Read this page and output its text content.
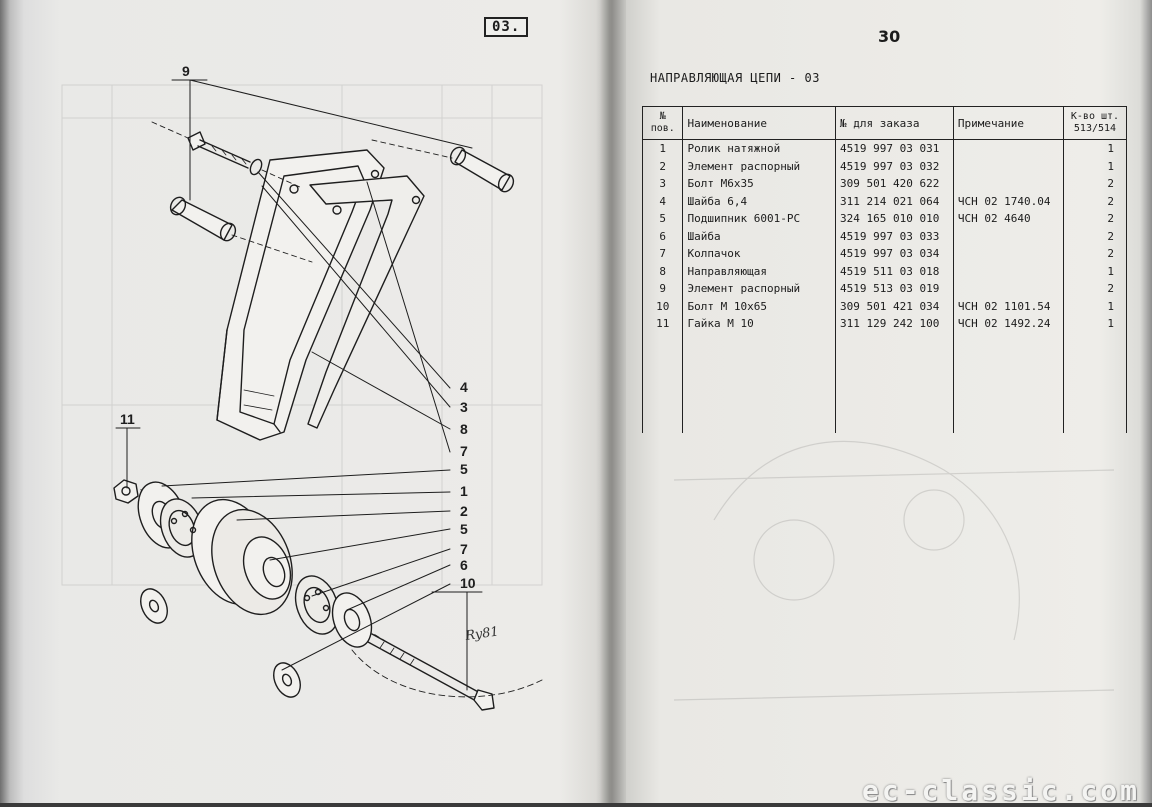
03.
9
4
3
8
7
5
1
2
5
7
6
10
11
Ry81
30
НАПРАВЛЯЮЩАЯ ЦЕПИ - 03
№ пов.	Наименование	№ для заказа	Примечание	К-во шт. 513/514
1	Ролик натяжной	4519 997 03 031		1
2	Элемент распорный	4519 997 03 032		1
3	Болт М6x35	309 501 420 622		2
4	Шайба 6,4	311 214 021 064	ЧСН 02 1740.04	2
5	Подшипник 6001-РС	324 165 010 010	ЧСН 02 4640	2
6	Шайба	4519 997 03 033		2
7	Колпачок	4519 997 03 034		2
8	Направляющая	4519 511 03 018		1
9	Элемент распорный	4519 513 03 019		2
10	Болт М 10x65	309 501 421 034	ЧСН 02 1101.54	1
11	Гайка М 10	311 129 242 100	ЧСН 02 1492.24	1

ec-classic.com
